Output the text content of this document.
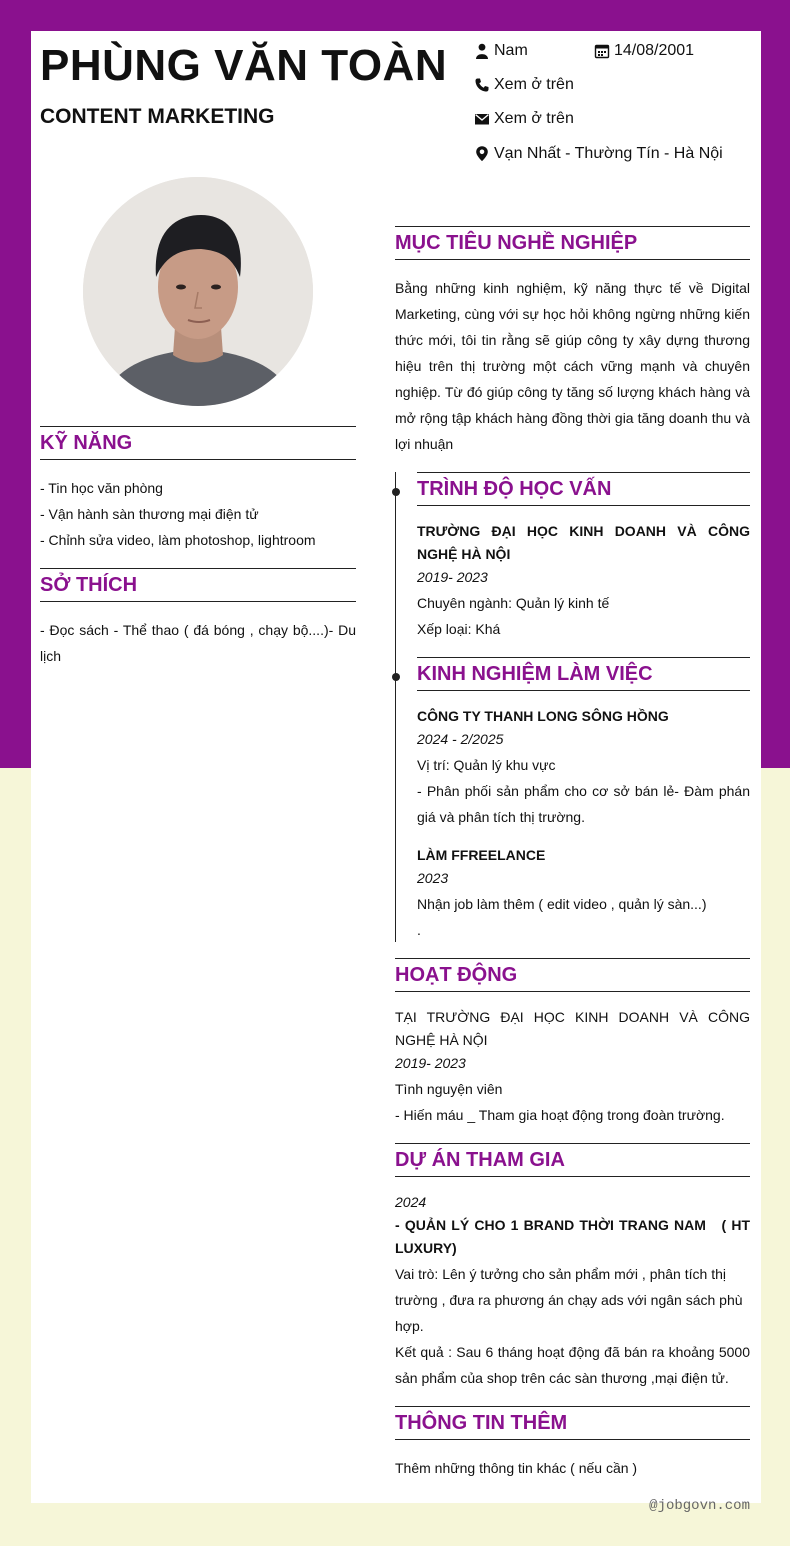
PHÙNG VĂN TOÀN
CONTENT MARKETING
Nam	14/08/2001
Xem ở trên
Xem ở trên
Vạn Nhất - Thường Tín - Hà Nội
KỸ NĂNG
- Tin học văn phòng
- Vận hành sàn thương mại điện tử
- Chỉnh sửa video, làm photoshop, lightroom
SỞ THÍCH
- Đọc sách - Thể thao ( đá bóng , chạy bộ....)- Du lịch
MỤC TIÊU NGHỀ NGHIỆP
Bằng những kinh nghiệm, kỹ năng thực tế về Digital Marketing, cùng với sự học hỏi không ngừng những kiến thức mới, tôi tin rằng sẽ giúp công ty xây dựng thương hiệu trên thị trường một cách vững mạnh và chuyên nghiệp. Từ đó giúp công ty tăng số lượng khách hàng và mở rộng tập khách hàng đồng thời gia tăng doanh thu và lợi nhuận
TRÌNH ĐỘ HỌC VẤN
TRƯỜNG ĐẠI HỌC KINH DOANH VÀ CÔNG NGHỆ HÀ NỘI
2019- 2023
Chuyên ngành: Quản lý kinh tế
Xếp loại: Khá
KINH NGHIỆM LÀM VIỆC
CÔNG TY THANH LONG SÔNG HỒNG
2024 - 2/2025
Vị trí: Quản lý khu vực
- Phân phối sản phẩm cho cơ sở bán lẻ- Đàm phán giá và phân tích thị trường.
LÀM FFREELANCE
2023
Nhận job làm thêm ( edit video , quản lý sàn...)
.
HOẠT ĐỘNG
TẠI TRƯỜNG ĐẠI HỌC KINH DOANH VÀ CÔNG NGHỆ HÀ NỘI
2019- 2023
Tình nguyện viên
- Hiến máu _ Tham gia hoạt động trong đoàn trường.
DỰ ÁN THAM GIA
2024
- QUẢN LÝ CHO 1 BRAND THỜI TRANG NAM   ( HT LUXURY)
Vai trò: Lên ý tưởng cho sản phẩm mới , phân tích thị trường , đưa ra phương án chạy ads với ngân sách phù hợp.
Kết quả : Sau 6 tháng hoạt động đã bán ra khoảng 5000 sản phẩm của shop trên các sàn thương ,mại điện tử.
THÔNG TIN THÊM
Thêm những thông tin khác ( nếu cần )
@jobgovn.com
